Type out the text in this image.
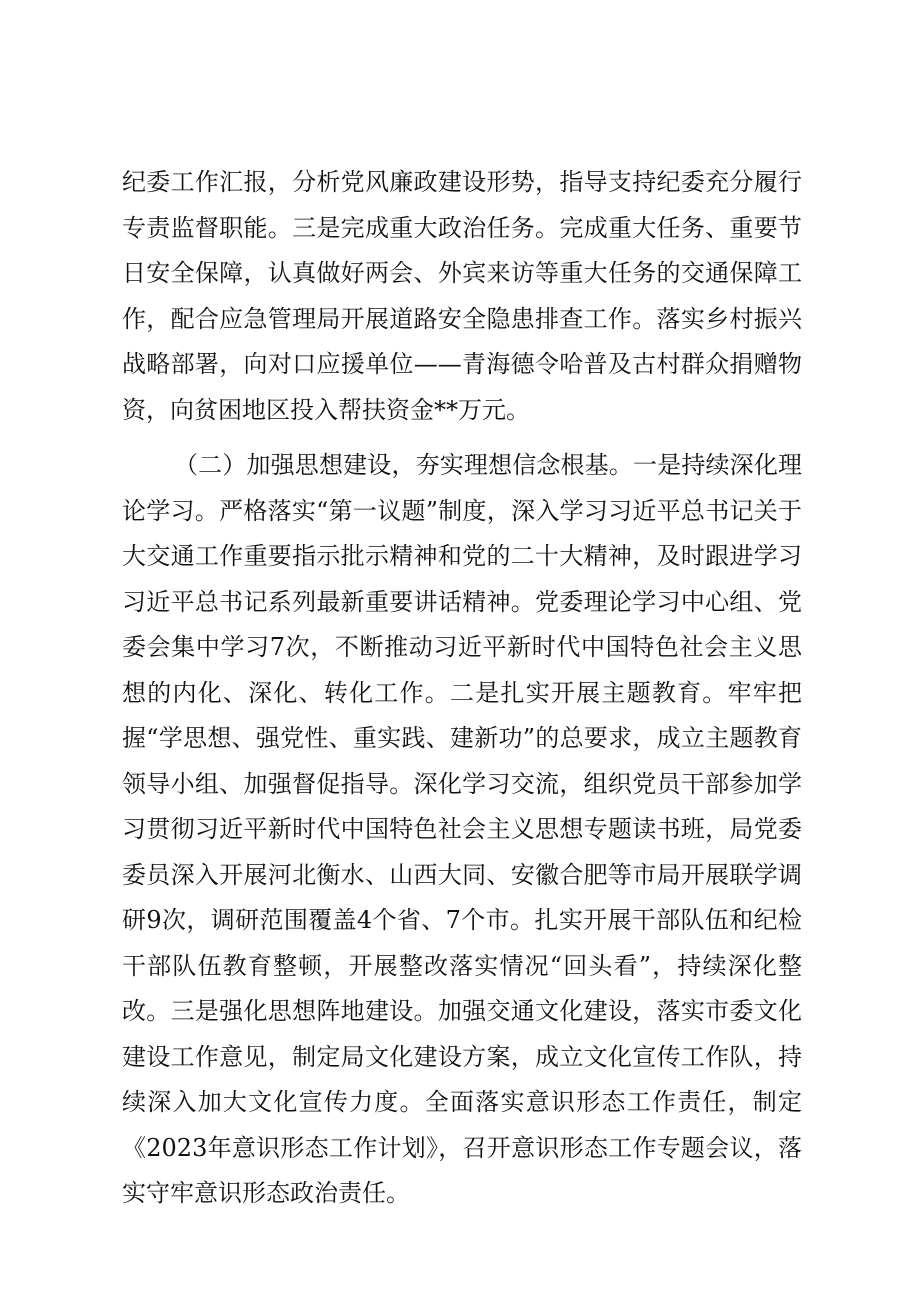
纪委工作汇报，分析党风廉政建设形势，指导支持纪委充分履行专责监督职能。三是完成重大政治任务。完成重大任务、重要节日安全保障，认真做好两会、外宾来访等重大任务的交通保障工作，配合应急管理局开展道路安全隐患排查工作。落实乡村振兴战略部署，向对口应援单位——青海德令哈普及古村群众捐赠物资，向贫困地区投入帮扶资金**万元。

（二）加强思想建设，夯实理想信念根基。一是持续深化理论学习。严格落实“第一议题”制度，深入学习习近平总书记关于大交通工作重要指示批示精神和党的二十大精神，及时跟进学习习近平总书记系列最新重要讲话精神。党委理论学习中心组、党委会集中学习7次，不断推动习近平新时代中国特色社会主义思想的内化、深化、转化工作。二是扎实开展主题教育。牢牢把握“学思想、强党性、重实践、建新功”的总要求，成立主题教育领导小组、加强督促指导。深化学习交流，组织党员干部参加学习贯彻习近平新时代中国特色社会主义思想专题读书班，局党委委员深入开展河北衡水、山西大同、安徽合肥等市局开展联学调研9次，调研范围覆盖4个省、7个市。扎实开展干部队伍和纪检干部队伍教育整顿，开展整改落实情况“回头看”，持续深化整改。三是强化思想阵地建设。加强交通文化建设，落实市委文化建设工作意见，制定局文化建设方案，成立文化宣传工作队，持续深入加大文化宣传力度。全面落实意识形态工作责任，制定《2023年意识形态工作计划》，召开意识形态工作专题会议，落实守牢意识形态政治责任。
